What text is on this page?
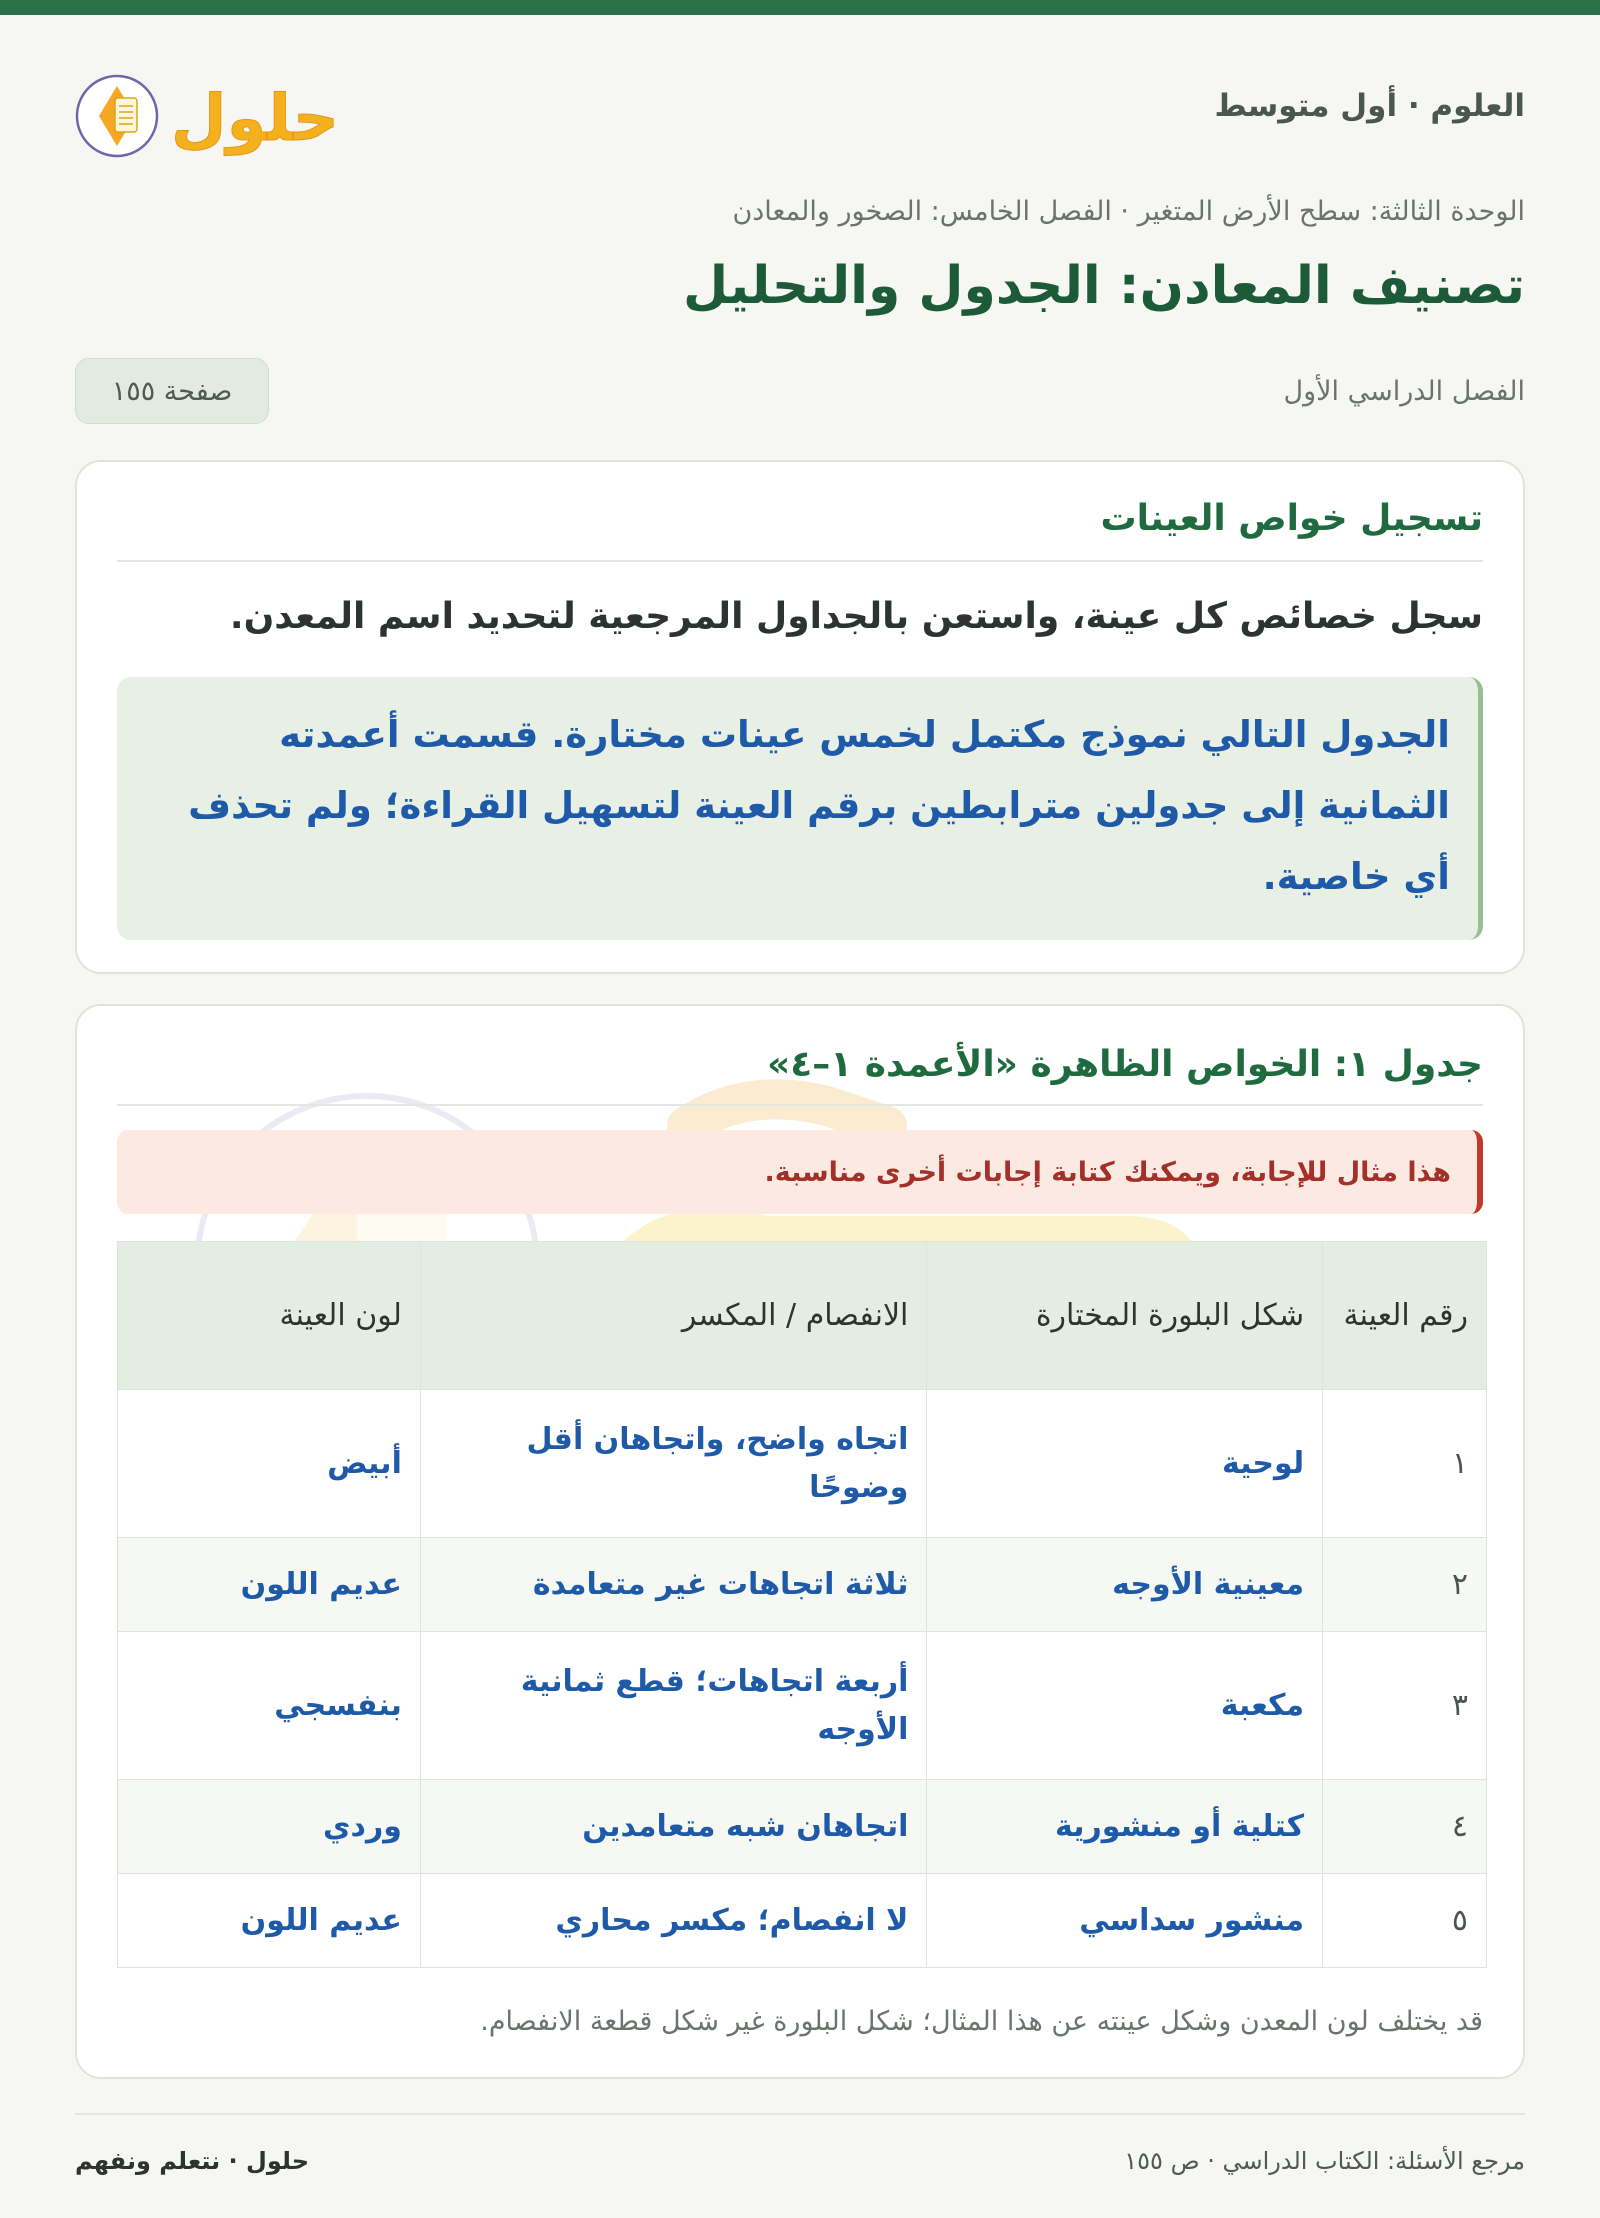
العلوم · أول متوسط
حلول
الوحدة الثالثة: سطح الأرض المتغير · الفصل الخامس: الصخور والمعادن
تصنيف المعادن: الجدول والتحليل
الفصل الدراسي الأول
صفحة ١٥٥
تسجيل خواص العينات

سجل خصائص كل عينة، واستعن بالجداول المرجعية لتحديد اسم المعدن.

الجدول التالي نموذج مكتمل لخمس عينات مختارة. قسمت أعمدته الثمانية إلى جدولين مترابطين برقم العينة لتسهيل القراءة؛ ولم تحذف أي خاصية.
جدول ١: الخواص الظاهرة «الأعمدة ١–٤»
هذا مثال للإجابة، ويمكنك كتابة إجابات أخرى مناسبة.
رقم العينة	شكل البلورة المختارة	الانفصام / المكسر	لون العينة
١	لوحية	اتجاه واضح، واتجاهان أقل وضوحًا	أبيض
٢	معينية الأوجه	ثلاثة اتجاهات غير متعامدة	عديم اللون
٣	مكعبة	أربعة اتجاهات؛ قطع ثمانية الأوجه	بنفسجي
٤	كتلية أو منشورية	اتجاهان شبه متعامدين	وردي
٥	منشور سداسي	لا انفصام؛ مكسر محاري	عديم اللون

قد يختلف لون المعدن وشكل عينته عن هذا المثال؛ شكل البلورة غير شكل قطعة الانفصام.

مرجع الأسئلة: الكتاب الدراسي · ص ١٥٥
حلول · نتعلم ونفهم
